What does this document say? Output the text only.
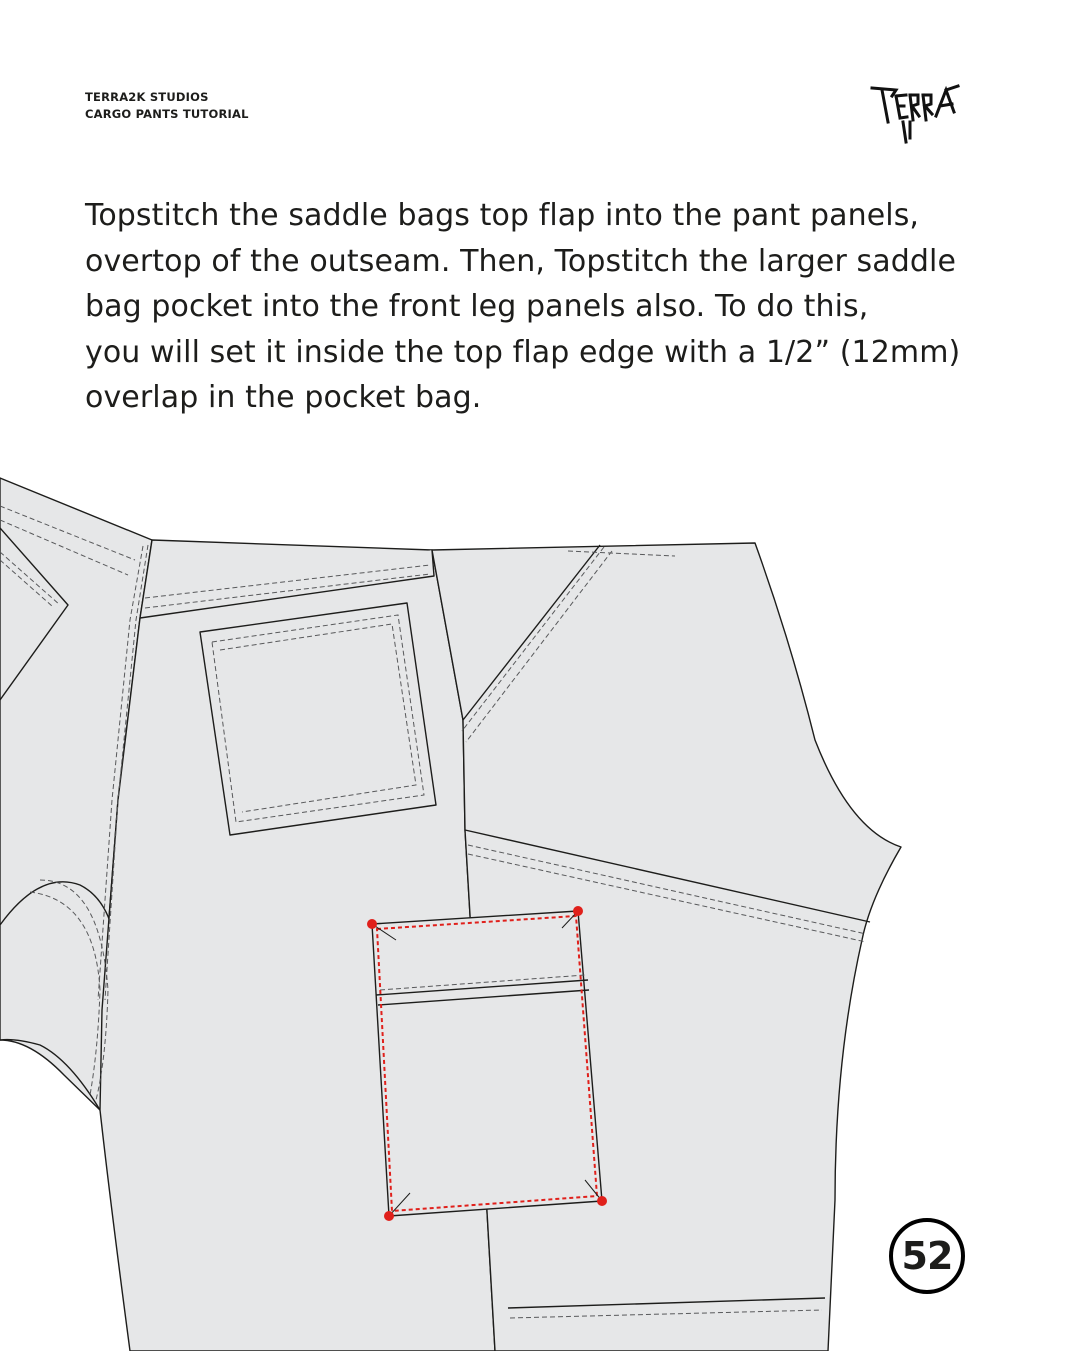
TERRA2K STUDIOS
CARGO PANTS TUTORIAL
Topstitch the saddle bags top flap into the pant panels,
overtop of the outseam. Then, Topstitch the larger saddle
bag pocket into the front leg panels also. To do this,
you will set it inside the top flap edge with a 1/2” (12mm)
overlap in the pocket bag.
52
